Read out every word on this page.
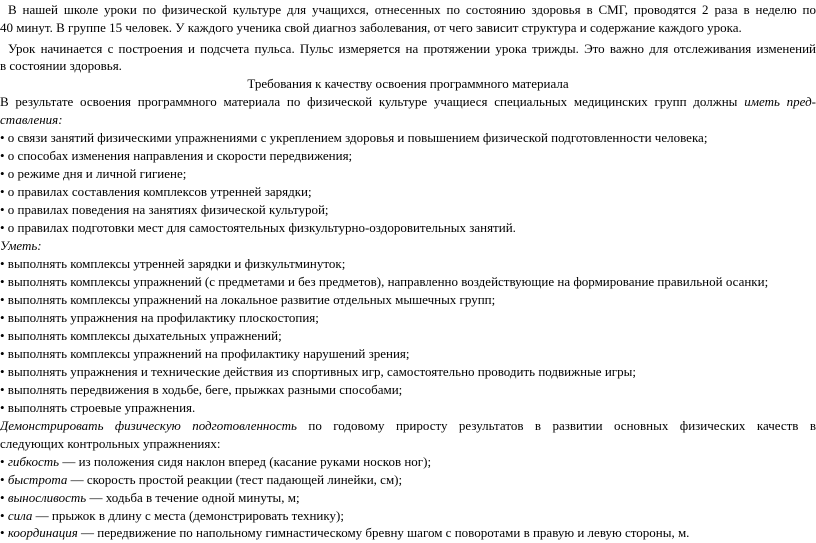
В нашей школе уроки по физической культуре для учащихся, отнесенных по состоянию здоровья в СМГ, проводятся 2 раза в неделю по
40 минут. В группе 15 человек. У каждого ученика свой диагноз заболевания, от чего зависит структура и содержание каждого урока.
Урок начинается с построения и подсчета пульса. Пульс измеряется на протяжении урока трижды. Это важно для отслеживания изменений
в состоянии здоровья.
Требования к качеству освоения программного материала
В результате освоения программного материала по физической культуре учащиеся специальных медицинских групп должны иметь пред-
ставления:
• о связи занятий физическими упражнениями с укреплением здоровья и повышением физической подготовленности человека;
• о способах изменения направления и скорости передвижения;
• о режиме дня и личной гигиене;
• о правилах составления комплексов утренней зарядки;
• о правилах поведения на занятиях физической культурой;
• о правилах подготовки мест для самостоятельных физкультурно-оздоровительных занятий.
Уметь:
• выполнять комплексы утренней зарядки и физкультминуток;
• выполнять комплексы упражнений (с предметами и без предметов), направленно воздействующие на формирование правильной осанки;
• выполнять комплексы упражнений на локальное развитие отдельных мышечных групп;
• выполнять упражнения на профилактику плоскостопия;
• выполнять комплексы дыхательных упражнений;
• выполнять комплексы упражнений на профилактику нарушений зрения;
• выполнять упражнения и технические действия из спортивных игр, самостоятельно проводить подвижные игры;
• выполнять передвижения в ходьбе, беге, прыжках разными способами;
• выполнять строевые упражнения.
Демонстрировать физическую подготовленность по годовому приросту результатов в развитии основных физических качеств в
следующих контрольных упражнениях:
• гибкость — из положения сидя наклон вперед (касание руками носков ног);
• быстрота — скорость простой реакции (тест падающей линейки, см);
• выносливость — ходьба в течение одной минуты, м;
• сила — прыжок в длину с места (демонстрировать технику);
• координация — передвижение по напольному гимнастическому бревну шагом с поворотами в правую и левую стороны, м.
